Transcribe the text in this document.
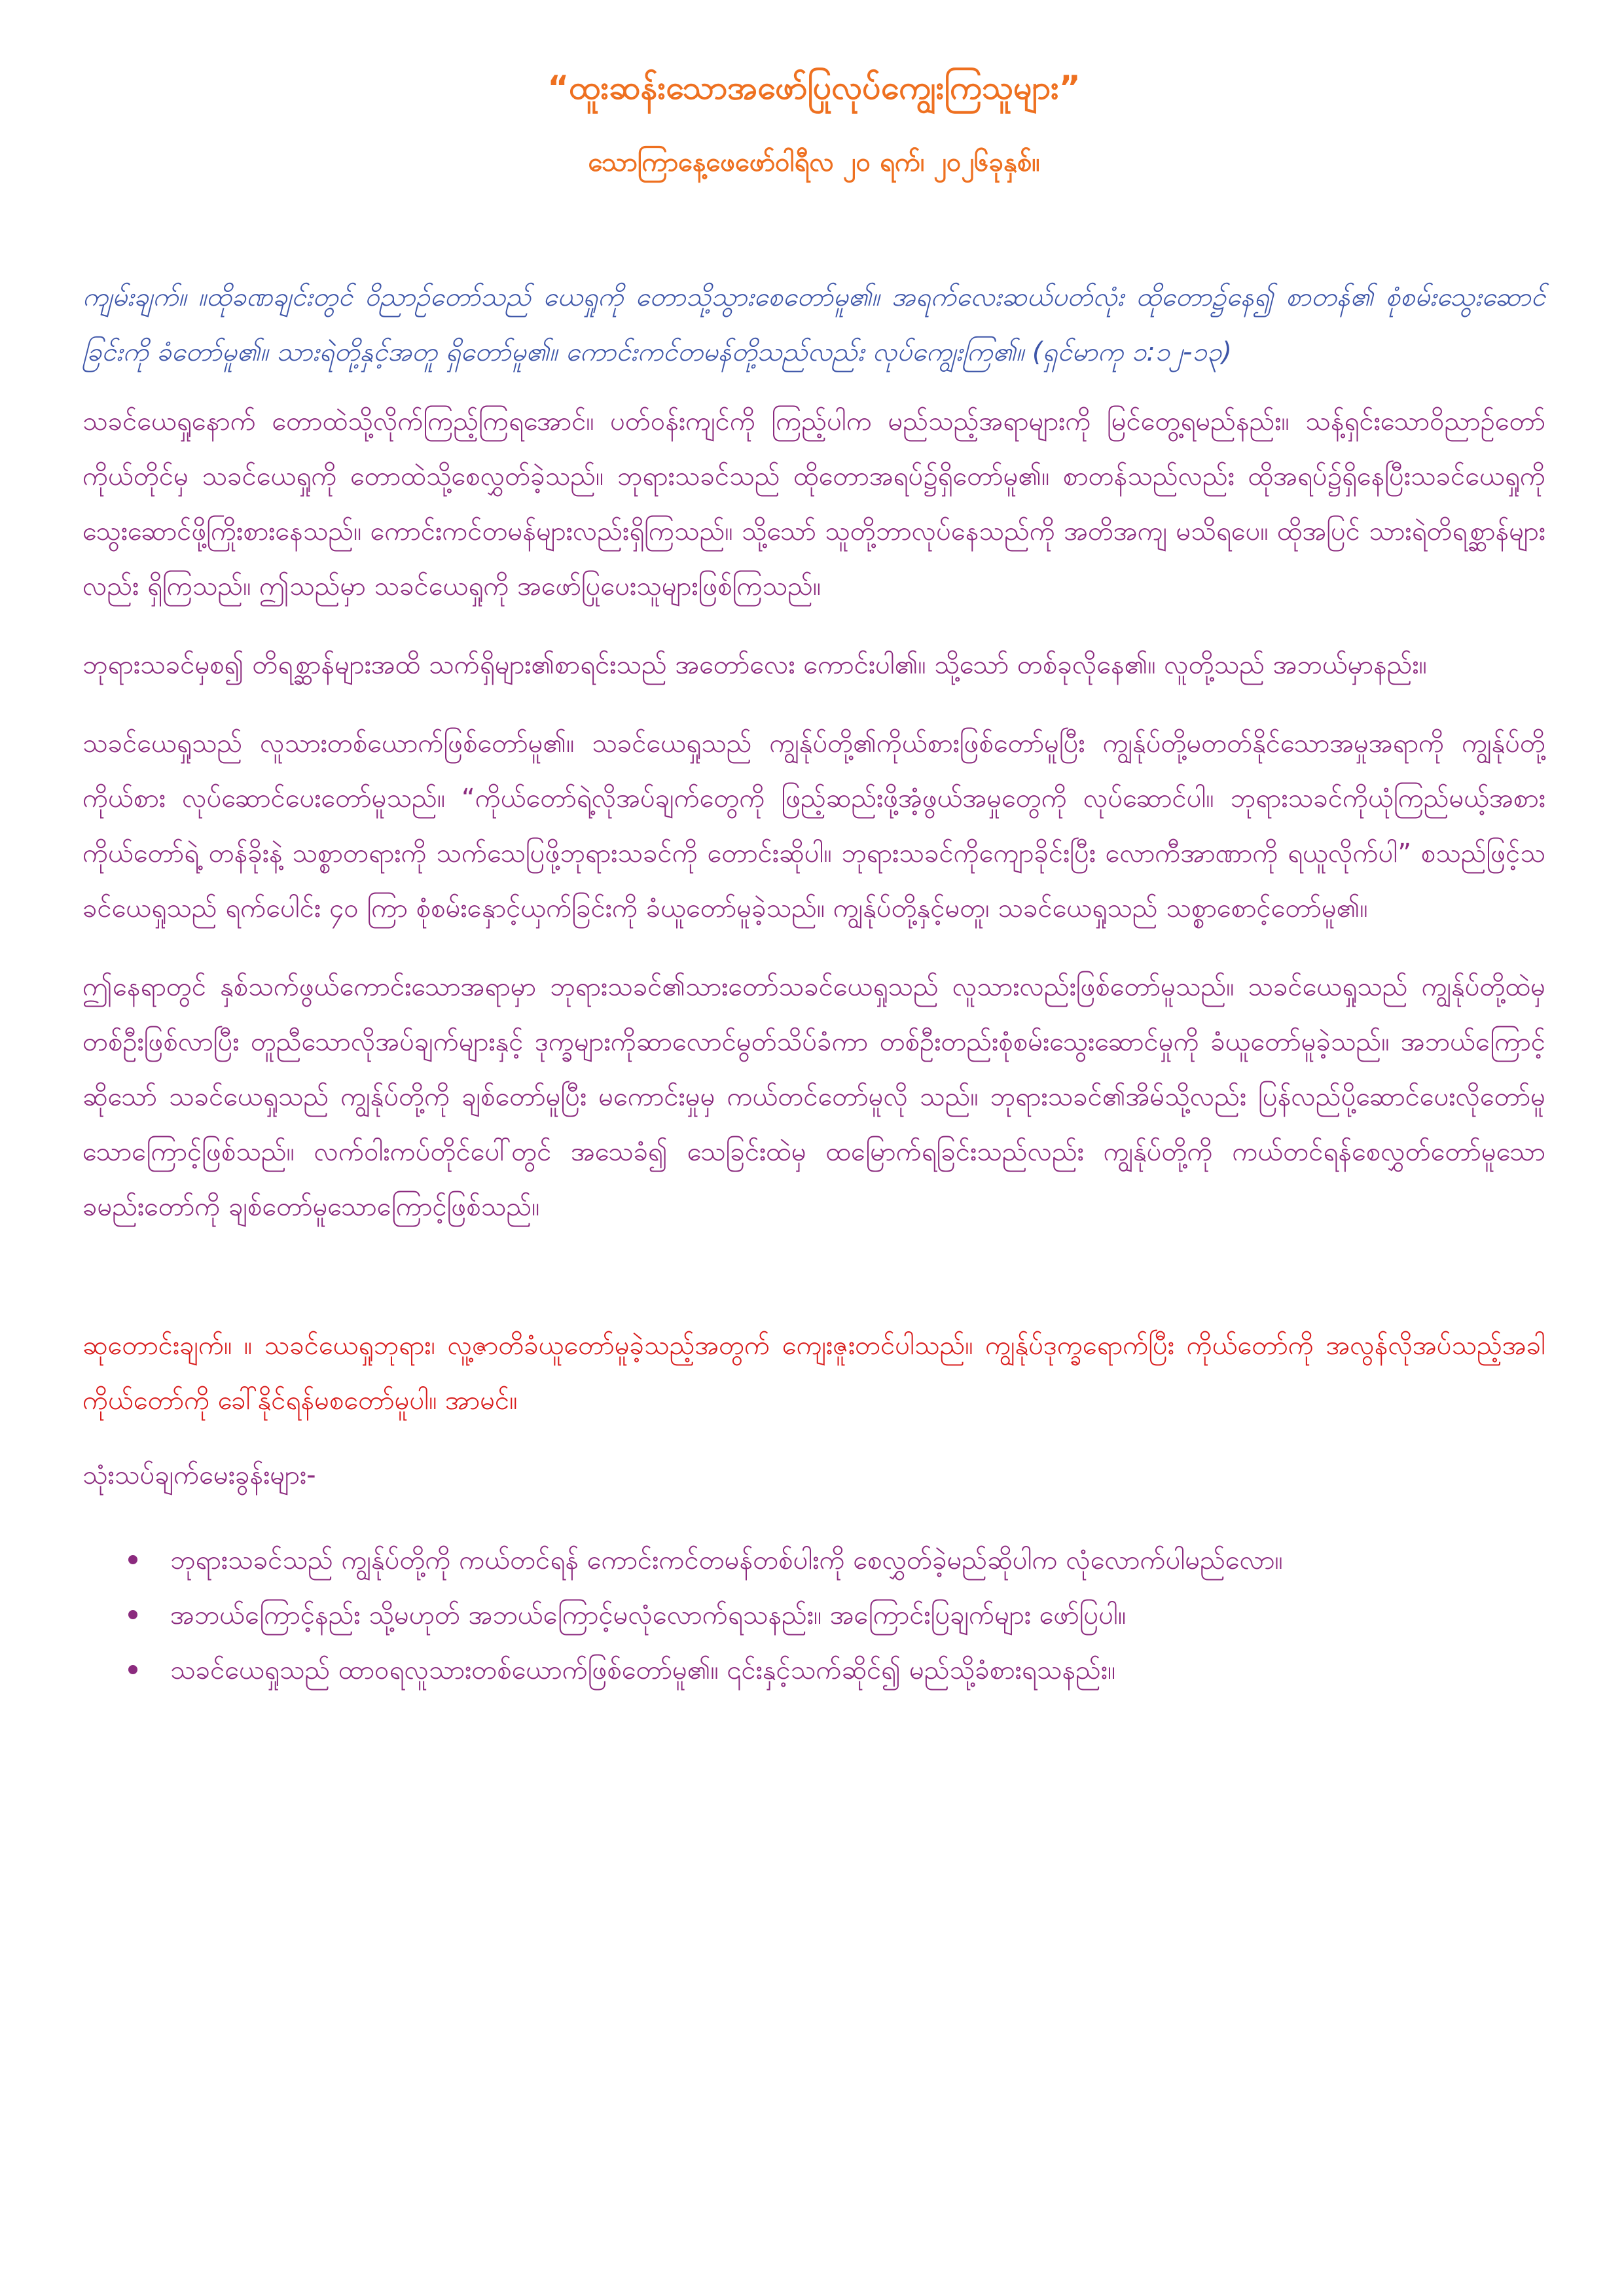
“ထူးဆန်းသောအဖော်ပြုလုပ်ကျွေးကြသူများ”
သောကြာနေ့ဖေဖော်ဝါရီလ ၂၀ ရက်၊ ၂၀၂၆ခုနှစ်။

ကျမ်းချက်။ ။ထိုခဏချင်းတွင် ဝိညာဉ်တော်သည် ယေရှုကို တောသို့သွားစေတော်မူ၏။ အရက်လေးဆယ်ပတ်လုံး ထိုတော၌နေ၍ စာတန်၏ စုံစမ်းသွေးဆောင်ခြင်းကို ခံတော်မူ၏။ သားရဲတို့နှင့်အတူ ရှိတော်မူ၏။ ကောင်းကင်တမန်တို့သည်လည်း လုပ်ကျွေးကြ၏။ (ရှင်မာကု ၁:၁၂-၁၃)

သခင်ယေရှုနောက် တောထဲသို့လိုက်ကြည့်ကြရအောင်။ ပတ်ဝန်းကျင်ကို ကြည့်ပါက မည်သည့်အရာများကို မြင်တွေ့ရမည်နည်း။ သန့်ရှင်းသောဝိညာဉ်တော်ကိုယ်တိုင်မှ သခင်ယေရှုကို တောထဲသို့စေလွှတ်ခဲ့သည်။ ဘုရားသခင်သည် ထိုတောအရပ်၌ရှိတော်မူ၏။ စာတန်သည်လည်း ထိုအရပ်၌ရှိနေပြီးသခင်ယေရှုကို သွေးဆောင်ဖို့ကြိုးစားနေသည်။ ကောင်းကင်တမန်များလည်းရှိကြသည်။ သို့သော် သူတို့ဘာလုပ်နေသည်ကို အတိအကျ မသိရပေ။ ထိုအပြင် သားရဲတိရစ္ဆာန်များလည်း ရှိကြသည်။ ဤသည်မှာ သခင်ယေရှုကို အဖော်ပြုပေးသူများဖြစ်ကြသည်။

ဘုရားသခင်မှစ၍ တိရစ္ဆာန်များအထိ သက်ရှိများ၏စာရင်းသည် အတော်လေး ကောင်းပါ၏။ သို့သော် တစ်ခုလိုနေ၏။ လူတို့သည် အဘယ်မှာနည်း။

သခင်ယေရှုသည် လူသားတစ်ယောက်ဖြစ်တော်မူ၏။ သခင်ယေရှုသည် ကျွန်ုပ်တို့၏ကိုယ်စားဖြစ်တော်မူပြီး ကျွန်ုပ်တို့မတတ်နိုင်သောအမှုအရာကို ကျွန်ုပ်တို့ကိုယ်စား လုပ်ဆောင်ပေးတော်မူသည်။ “ကိုယ်တော်ရဲ့လိုအပ်ချက်တွေကို ဖြည့်ဆည်းဖို့အံ့ဖွယ်အမှုတွေကို လုပ်ဆောင်ပါ။ ဘုရားသခင်ကိုယုံကြည်မယ့်အစား ကိုယ်တော်ရဲ့ တန်ခိုးနဲ့ သစ္စာတရားကို သက်သေပြဖို့ဘုရားသခင်ကို တောင်းဆိုပါ။ ဘုရားသခင်ကိုကျောခိုင်းပြီး လောကီအာဏာကို ရယူလိုက်ပါ” စသည်ဖြင့်သ ခင်ယေရှုသည် ရက်ပေါင်း ၄၀ ကြာ စုံစမ်းနှောင့်ယှက်ခြင်းကို ခံယူတော်မူခဲ့သည်။ ကျွန်ုပ်တို့နှင့်မတူ၊ သခင်ယေရှုသည် သစ္စာစောင့်တော်မူ၏။

ဤနေရာတွင် နှစ်သက်ဖွယ်ကောင်းသောအရာမှာ ဘုရားသခင်၏သားတော်သခင်ယေရှုသည် လူသားလည်းဖြစ်တော်မူသည်။ သခင်ယေရှုသည် ကျွန်ုပ်တို့ထဲမှ တစ်ဦးဖြစ်လာပြီး တူညီသောလိုအပ်ချက်များနှင့် ဒုက္ခများကိုဆာလောင်မွတ်သိပ်ခံကာ တစ်ဦးတည်းစုံစမ်းသွေးဆောင်မှုကို ခံယူတော်မူခဲ့သည်။ အဘယ်ကြောင့်ဆိုသော် သခင်ယေရှုသည် ကျွန်ုပ်တို့ကို ချစ်တော်မူပြီး မကောင်းမှုမှ ကယ်တင်တော်မူလို သည်။ ဘုရားသခင်၏အိမ်သို့လည်း ပြန်လည်ပို့ဆောင်ပေးလိုတော်မူသောကြောင့်ဖြစ်သည်။ လက်ဝါးကပ်တိုင်ပေါ်တွင် အသေခံ၍ သေခြင်းထဲမှ ထမြောက်ရခြင်းသည်လည်း ကျွန်ုပ်တို့ကို ကယ်တင်ရန်စေလွှတ်တော်မူသော ခမည်းတော်ကို ချစ်တော်မူသောကြောင့်ဖြစ်သည်။

ဆုတောင်းချက်။ ။ သခင်ယေရှုဘုရား၊ လူ့ဇာတိခံယူတော်မူခဲ့သည့်အတွက် ကျေးဇူးတင်ပါသည်။ ကျွန်ုပ်ဒုက္ခရောက်ပြီး ကိုယ်တော်ကို အလွန်လိုအပ်သည့်အခါ ကိုယ်တော်ကို ခေါ်နိုင်ရန်မစတော်မူပါ။ အာမင်။

သုံးသပ်ချက်မေးခွန်းများ-

ဘုရားသခင်သည် ကျွန်ုပ်တို့ကို ကယ်တင်ရန် ကောင်းကင်တမန်တစ်ပါးကို စေလွှတ်ခဲ့မည်ဆိုပါက လုံလောက်ပါမည်လော။
အဘယ်ကြောင့်နည်း သို့မဟုတ် အဘယ်ကြောင့်မလုံလောက်ရသနည်း။ အကြောင်းပြချက်များ ဖော်ပြပါ။
သခင်ယေရှုသည် ထာဝရလူသားတစ်ယောက်ဖြစ်တော်မူ၏။ ၎င်းနှင့်သက်ဆိုင်၍ မည်သို့ခံစားရသနည်း။
